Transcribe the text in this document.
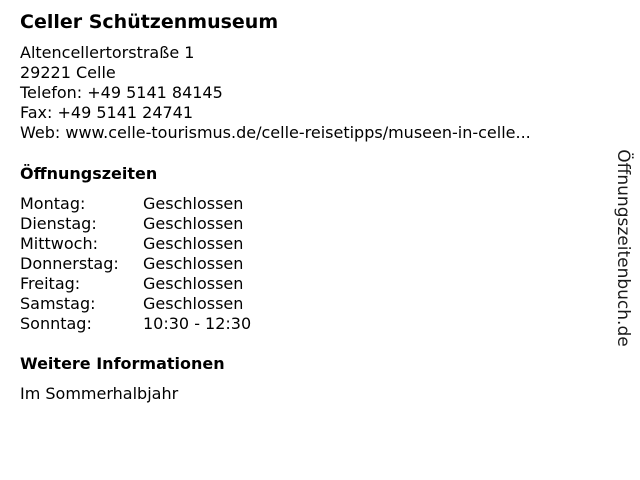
Celler Schützenmuseum
Altencellertorstraße 1
29221 Celle
Telefon: +49 5141 84145
Fax: +49 5141 24741
Web: www.celle-tourismus.de/celle-reisetipps/museen-in-celle...
Öffnungszeiten
Montag:	Geschlossen
Dienstag:	Geschlossen
Mittwoch:	Geschlossen
Donnerstag: Geschlossen
Freitag:	Geschlossen
Samstag:	Geschlossen
Sonntag:	10:30 - 12:30
Weitere Informationen
Im Sommerhalbjahr
Öffnungszeitenbuch.de
